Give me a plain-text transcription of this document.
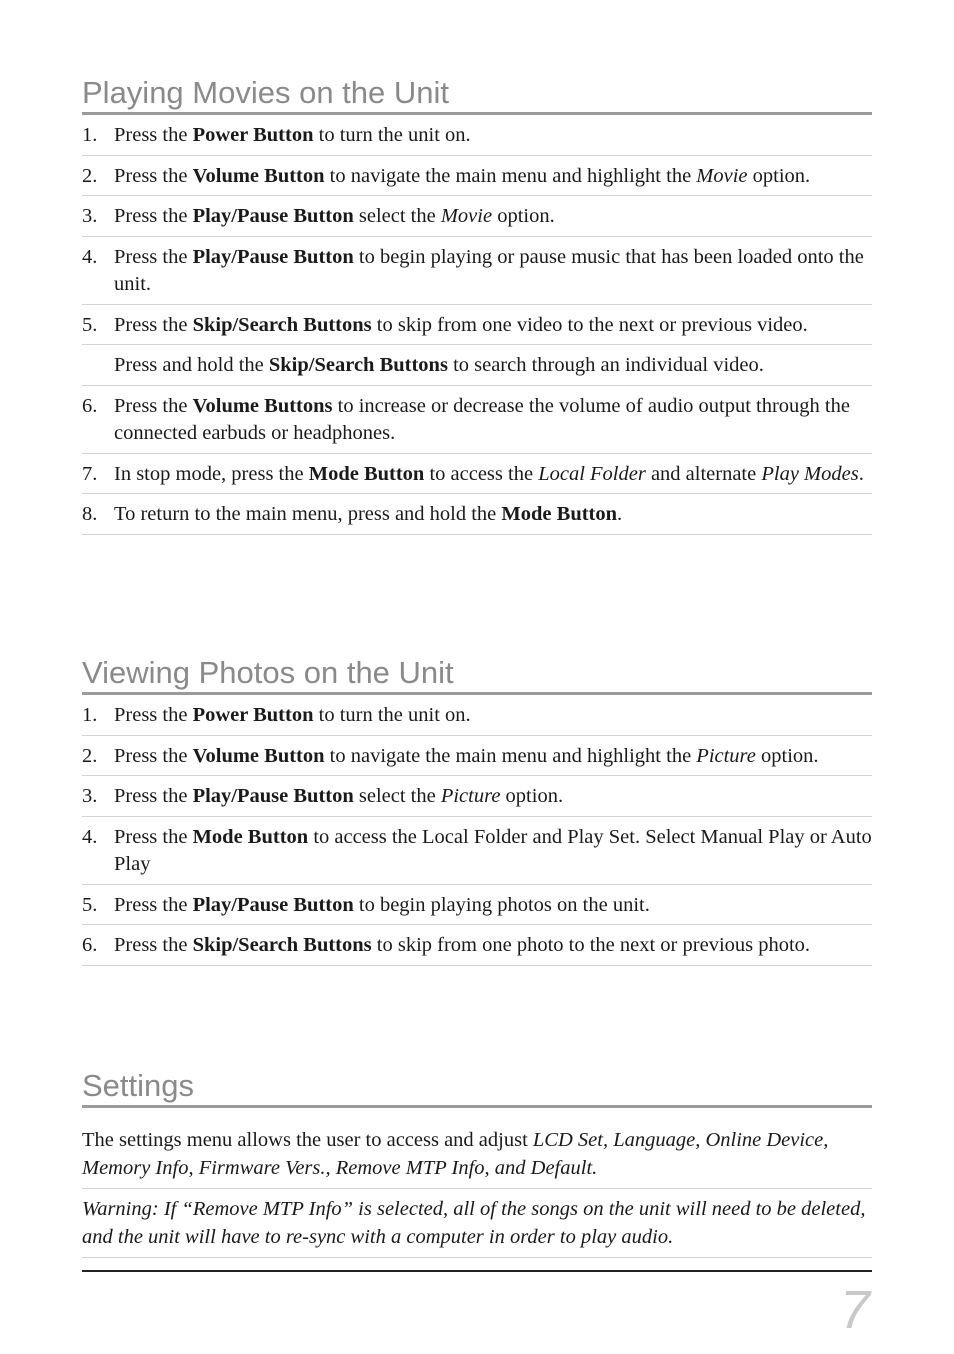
Playing Movies on the Unit
1. Press the Power Button to turn the unit on.
2. Press the Volume Button to navigate the main menu and highlight the Movie option.
3. Press the Play/Pause Button select the Movie option.
4. Press the Play/Pause Button to begin playing or pause music that has been loaded onto the unit.
5. Press the Skip/Search Buttons to skip from one video to the next or previous video.
Press and hold the Skip/Search Buttons to search through an individual video.
6. Press the Volume Buttons to increase or decrease the volume of audio output through the connected earbuds or headphones.
7. In stop mode, press the Mode Button to access the Local Folder and alternate Play Modes.
8. To return to the main menu, press and hold the Mode Button.
Viewing Photos on the Unit
1. Press the Power Button to turn the unit on.
2. Press the Volume Button to navigate the main menu and highlight the Picture option.
3. Press the Play/Pause Button select the Picture option.
4. Press the Mode Button to access the Local Folder and Play Set. Select Manual Play or Auto Play
5. Press the Play/Pause Button to begin playing photos on the unit.
6. Press the Skip/Search Buttons to skip from one photo to the next or previous photo.
Settings
The settings menu allows the user to access and adjust LCD Set, Language, Online Device, Memory Info, Firmware Vers., Remove MTP Info, and Default.
Warning: If “Remove MTP Info” is selected, all of the songs on the unit will need to be deleted, and the unit will have to re-sync with a computer in order to play audio.
7
